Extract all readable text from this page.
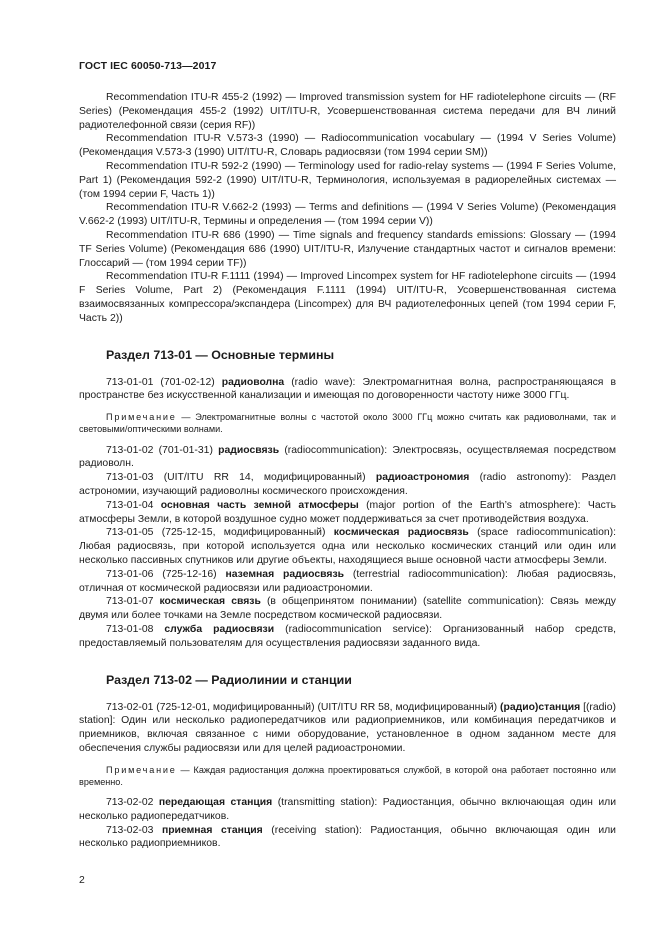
ГОСТ IEC 60050-713—2017

Recommendation ITU-R 455-2 (1992) — Improved transmission system for HF radiotelephone circuits — (RF Series) (Рекомендация 455-2 (1992) UIT/ITU-R, Усовершенствованная система передачи для ВЧ линий радиотелефонной связи (серия RF))

Recommendation ITU-R V.573-3 (1990) — Radiocommunication vocabulary — (1994 V Series Volume) (Рекомендация V.573-3 (1990) UIT/ITU-R, Словарь радиосвязи (том 1994 серии SM))

Recommendation ITU-R 592-2 (1990) — Terminology used for radio-relay systems — (1994 F Series Volume, Part 1) (Рекомендация 592-2 (1990) UIT/ITU-R, Терминология, используемая в радиорелейных системах — (том 1994 серии F, Часть 1))

Recommendation ITU-R V.662-2 (1993) — Terms and definitions — (1994 V Series Volume) (Рекомендация V.662-2 (1993) UIT/ITU-R, Термины и определения — (том 1994 серии V))

Recommendation ITU-R 686 (1990) — Time signals and frequency standards emissions: Glossary — (1994 TF Series Volume) (Рекомендация 686 (1990) UIT/ITU-R, Излучение стандартных частот и сигналов времени: Глоссарий — (том 1994 серии TF))

Recommendation ITU-R F.1111 (1994) — Improved Lincompex system for HF radiotelephone circuits — (1994 F Series Volume, Part 2) (Рекомендация F.1111 (1994) UIT/ITU-R, Усовершенствованная система взаимосвязанных компрессора/экспандера (Lincompex) для ВЧ радиотелефонных цепей (том 1994 серии F, Часть 2))

Раздел 713-01 — Основные термины

713-01-01 (701-02-12) радиоволна (radio wave): Электромагнитная волна, распространяющаяся в пространстве без искусственной канализации и имеющая по договоренности частоту ниже 3000 ГГц.

Примечание — Электромагнитные волны с частотой около 3000 ГГц можно считать как радиоволнами, так и световыми/оптическими волнами.

713-01-02 (701-01-31) радиосвязь (radiocommunication): Электросвязь, осуществляемая посредством радиоволн.

713-01-03 (UIT/ITU RR 14, модифицированный) радиоастрономия (radio astronomy): Раздел астрономии, изучающий радиоволны космического происхождения.

713-01-04 основная часть земной атмосферы (major portion of the Earth’s atmosphere): Часть атмосферы Земли, в которой воздушное судно может поддерживаться за счет противодействия воздуха.

713-01-05 (725-12-15, модифицированный) космическая радиосвязь (space radiocommunication): Любая радиосвязь, при которой используется одна или несколько космических станций или один или несколько пассивных спутников или другие объекты, находящиеся выше основной части атмосферы Земли.

713-01-06 (725-12-16) наземная радиосвязь (terrestrial radiocommunication): Любая радиосвязь, отличная от космической радиосвязи или радиоастрономии.

713-01-07 космическая связь (в общепринятом понимании) (satellite communication): Связь между двумя или более точками на Земле посредством космической радиосвязи.

713-01-08 служба радиосвязи (radiocommunication service): Организованный набор средств, предоставляемый пользователям для осуществления радиосвязи заданного вида.

Раздел 713-02 — Радиолинии и станции

713-02-01 (725-12-01, модифицированный) (UIT/ITU RR 58, модифицированный) (радио)станция [(radio) station]: Один или несколько радиопередатчиков или радиоприемников, или комбинация передатчиков и приемников, включая связанное с ними оборудование, установленное в одном заданном месте для обеспечения службы радиосвязи или для целей радиоастрономии.

Примечание — Каждая радиостанция должна проектироваться службой, в которой она работает постоянно или временно.

713-02-02 передающая станция (transmitting station): Радиостанция, обычно включающая один или несколько радиопередатчиков.

713-02-03 приемная станция (receiving station): Радиостанция, обычно включающая один или несколько радиоприемников.

2
